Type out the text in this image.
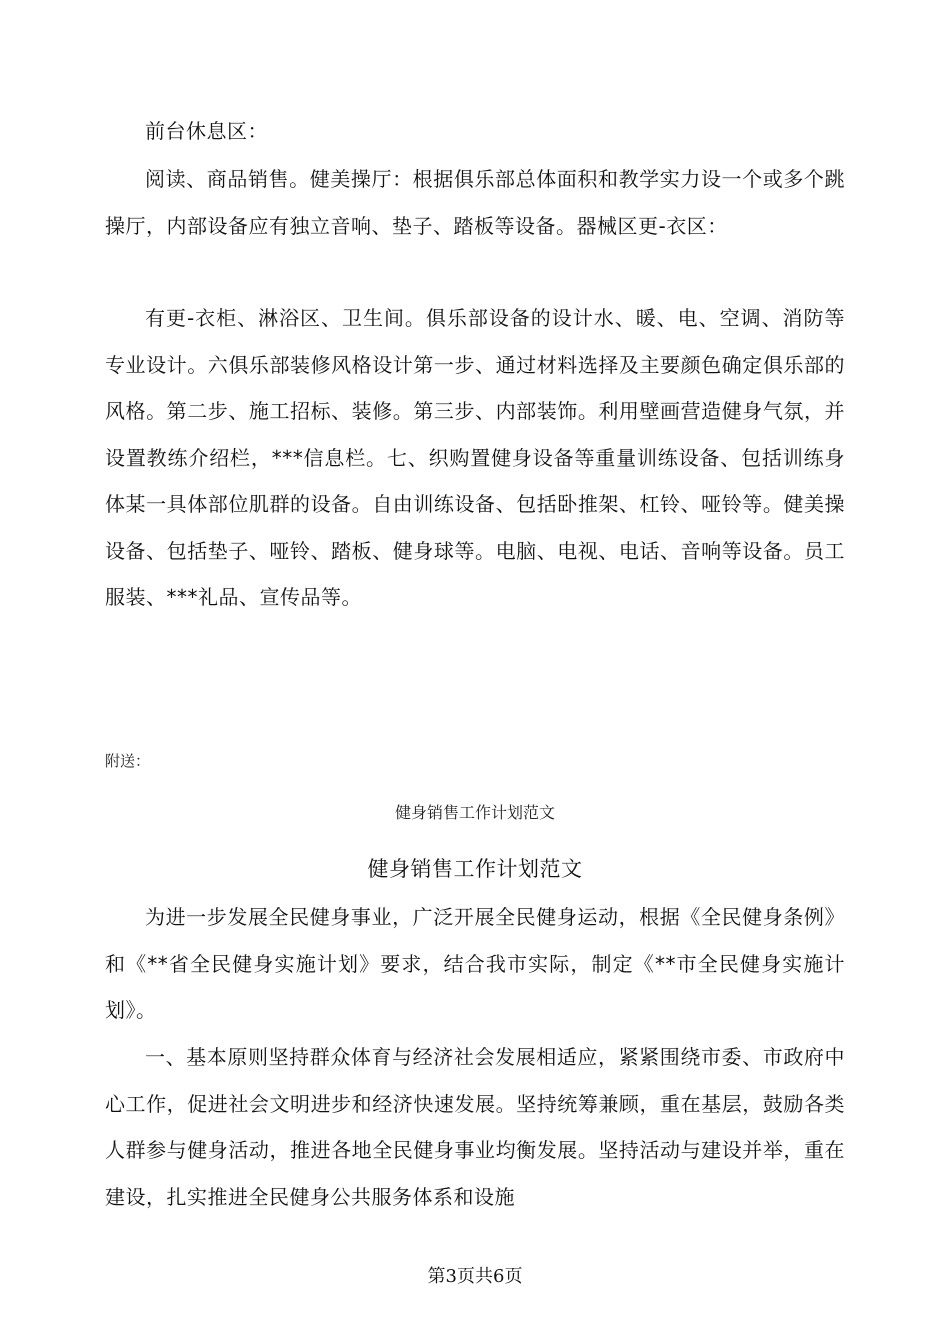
前台休息区：

阅读、商品销售。健美操厅：根据俱乐部总体面积和教学实力设一个或多个跳操厅，内部设备应有独立音响、垫子、踏板等设备。器械区更-衣区：

有更-衣柜、淋浴区、卫生间。俱乐部设备的设计水、暖、电、空调、消防等专业设计。六俱乐部装修风格设计第一步、通过材料选择及主要颜色确定俱乐部的风格。第二步、施工招标、装修。第三步、内部装饰。利用壁画营造健身气氛，并设置教练介绍栏，***信息栏。七、织购置健身设备等重量训练设备、包括训练身体某一具体部位肌群的设备。自由训练设备、包括卧推架、杠铃、哑铃等。健美操设备、包括垫子、哑铃、踏板、健身球等。电脑、电视、电话、音响等设备。员工服装、***礼品、宣传品等。

附送：

健身销售工作计划范文

健身销售工作计划范文

为进一步发展全民健身事业，广泛开展全民健身运动，根据《全民健身条例》和《**省全民健身实施计划》要求，结合我市实际，制定《**市全民健身实施计划》。

一、基本原则坚持群众体育与经济社会发展相适应，紧紧围绕市委、市政府中心工作，促进社会文明进步和经济快速发展。坚持统筹兼顾，重在基层，鼓励各类人群参与健身活动，推进各地全民健身事业均衡发展。坚持活动与建设并举，重在建设，扎实推进全民健身公共服务体系和设施

第3页共6页
